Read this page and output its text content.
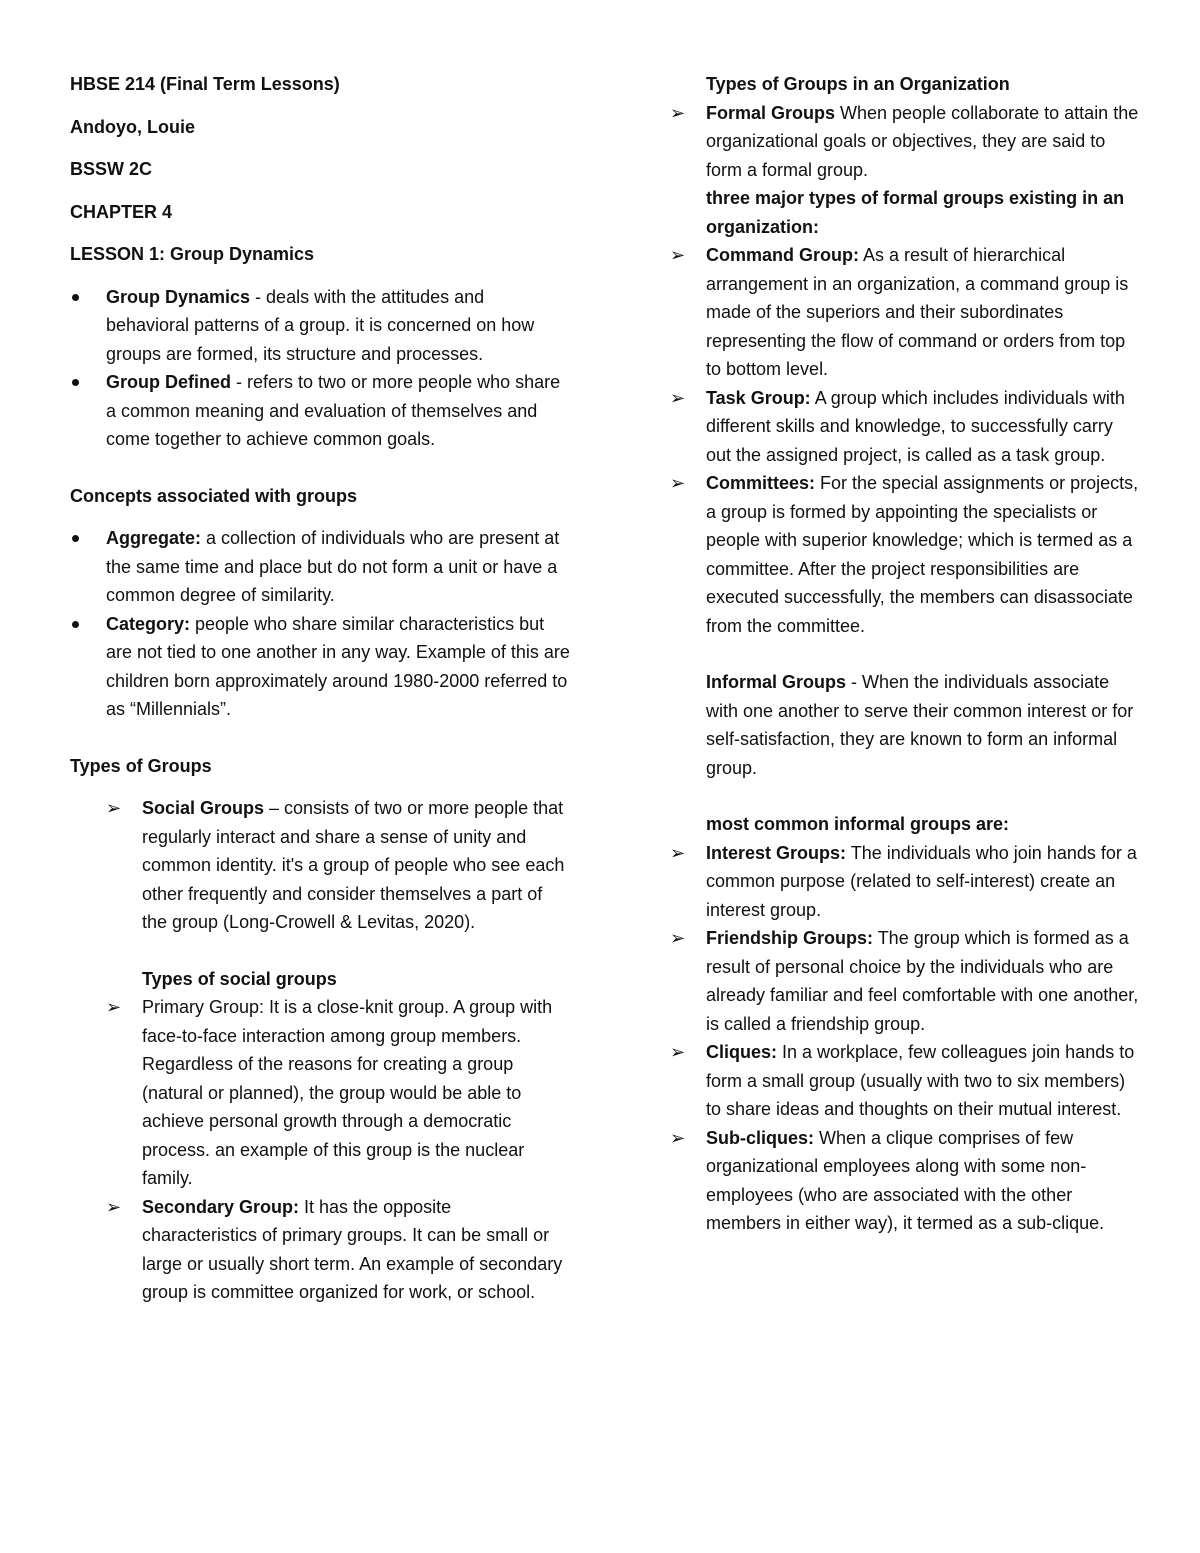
HBSE 214 (Final Term Lessons)

Andoyo, Louie

BSSW 2C

CHAPTER 4

LESSON 1: Group Dynamics

Group Dynamics - deals with the attitudes and behavioral patterns of a group. it is concerned on how groups are formed, its structure and processes.
Group Defined - refers to two or more people who share a common meaning and evaluation of themselves and come together to achieve common goals.

Concepts associated with groups

Aggregate: a collection of individuals who are present at the same time and place but do not form a unit or have a common degree of similarity.
Category: people who share similar characteristics but are not tied to one another in any way. Example of this are children born approximately around 1980-2000 referred to as “Millennials”.

Types of Groups

➢ Social Groups – consists of two or more people that regularly interact and share a sense of unity and common identity. it's a group of people who see each other frequently and consider themselves a part of the group (Long-Crowell & Levitas, 2020).

Types of social groups

➢ Primary Group: It is a close-knit group. A group with face-to-face interaction among group members. Regardless of the reasons for creating a group (natural or planned), the group would be able to achieve personal growth through a democratic process. an example of this group is the nuclear family.
➢ Secondary Group: It has the opposite characteristics of primary groups. It can be small or large or usually short term. An example of secondary group is committee organized for work, or school.

Types of Groups in an Organization

➢ Formal Groups When people collaborate to attain the organizational goals or objectives, they are said to form a formal group.

three major types of formal groups existing in an organization:

➢ Command Group: As a result of hierarchical arrangement in an organization, a command group is made of the superiors and their subordinates representing the flow of command or orders from top to bottom level.
➢ Task Group: A group which includes individuals with different skills and knowledge, to successfully carry out the assigned project, is called as a task group.
➢ Committees: For the special assignments or projects, a group is formed by appointing the specialists or people with superior knowledge; which is termed as a committee. After the project responsibilities are executed successfully, the members can disassociate from the committee.

Informal Groups - When the individuals associate with one another to serve their common interest or for self-satisfaction, they are known to form an informal group.

most common informal groups are:

➢ Interest Groups: The individuals who join hands for a common purpose (related to self-interest) create an interest group.
➢ Friendship Groups: The group which is formed as a result of personal choice by the individuals who are already familiar and feel comfortable with one another, is called a friendship group.
➢ Cliques: In a workplace, few colleagues join hands to form a small group (usually with two to six members) to share ideas and thoughts on their mutual interest.
➢ Sub-cliques: When a clique comprises of few organizational employees along with some non-employees (who are associated with the other members in either way), it termed as a sub-clique.
